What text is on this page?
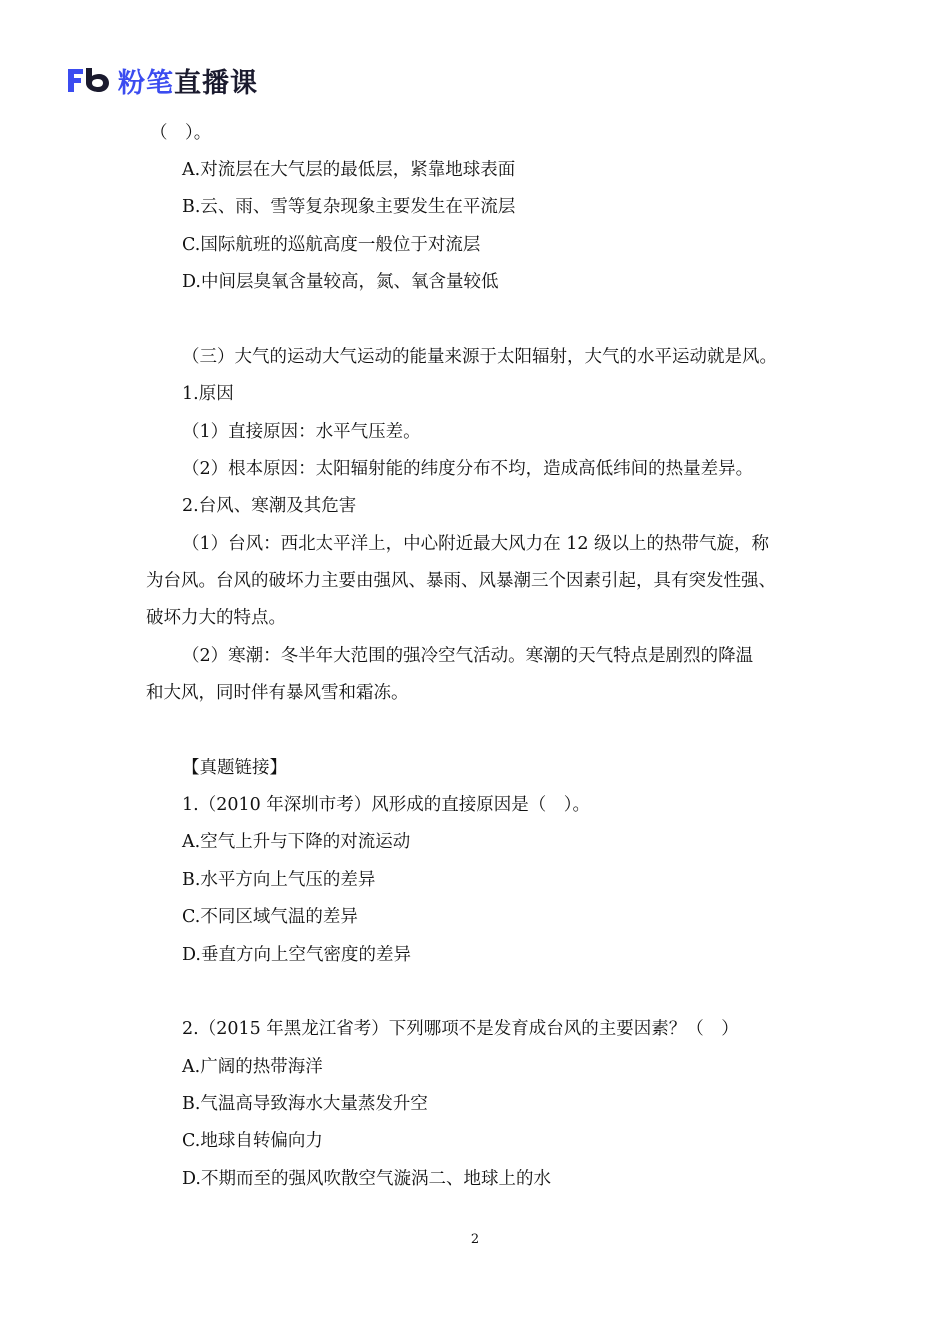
粉笔 直播课
（　）。
A.对流层在大气层的最低层，紧靠地球表面
B.云、雨、雪等复杂现象主要发生在平流层
C.国际航班的巡航高度一般位于对流层
D.中间层臭氧含量较高，氮、氧含量较低
（三）大气的运动大气运动的能量来源于太阳辐射，大气的水平运动就是风。
1.原因
（1）直接原因：水平气压差。
（2）根本原因：太阳辐射能的纬度分布不均，造成高低纬间的热量差异。
2.台风、寒潮及其危害
（1）台风：西北太平洋上，中心附近最大风力在 12 级以上的热带气旋，称
为台风。台风的破坏力主要由强风、暴雨、风暴潮三个因素引起，具有突发性强、
破坏力大的特点。
（2）寒潮：冬半年大范围的强冷空气活动。寒潮的天气特点是剧烈的降温
和大风，同时伴有暴风雪和霜冻。
【真题链接】
1.（2010 年深圳市考）风形成的直接原因是（　）。
A.空气上升与下降的对流运动
B.水平方向上气压的差异
C.不同区域气温的差异
D.垂直方向上空气密度的差异
2.（2015 年黑龙江省考）下列哪项不是发育成台风的主要因素？（　）
A.广阔的热带海洋
B.气温高导致海水大量蒸发升空
C.地球自转偏向力
D.不期而至的强风吹散空气漩涡二、地球上的水
2
